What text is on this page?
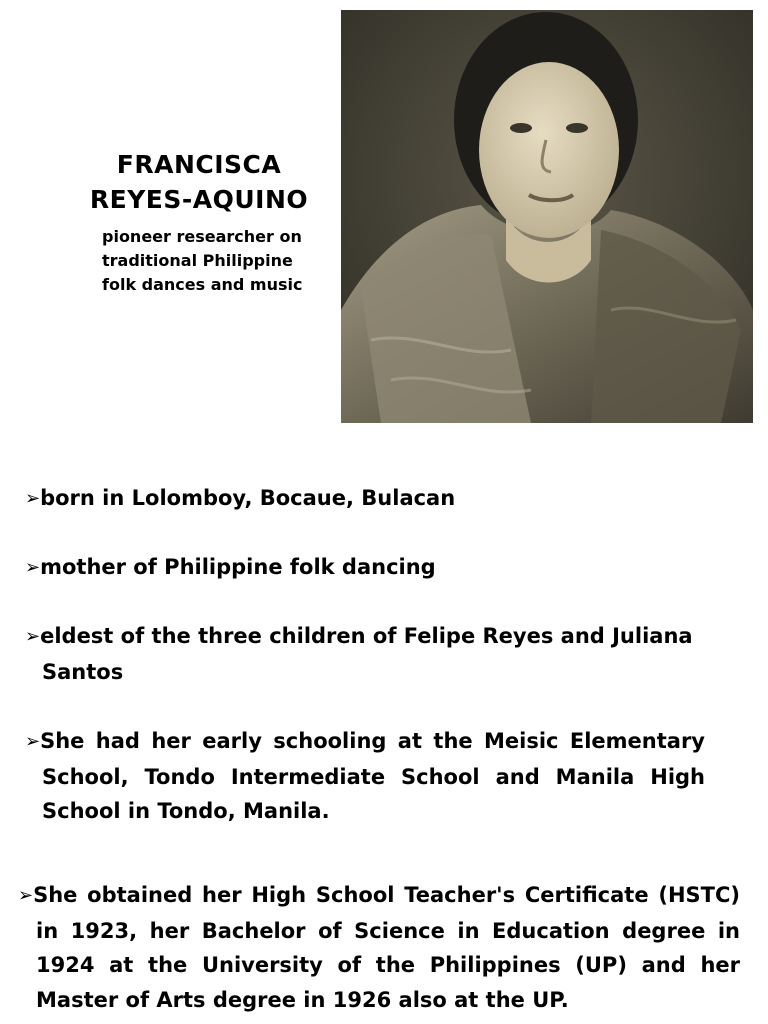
FRANCISCA
REYES-AQUINO
pioneer researcher on
traditional Philippine
folk dances and music
➢born in Lolomboy, Bocaue, Bulacan
➢mother of Philippine folk dancing
➢eldest of the three children of Felipe Reyes and Juliana
Santos
➢She had her early schooling at the Meisic Elementary
School, Tondo Intermediate School and Manila High
School in Tondo, Manila.
➢She obtained her High School Teacher's Certificate (HSTC)
in 1923, her Bachelor of Science in Education degree in
1924 at the University of the Philippines (UP) and her
Master of Arts degree in 1926 also at the UP.
